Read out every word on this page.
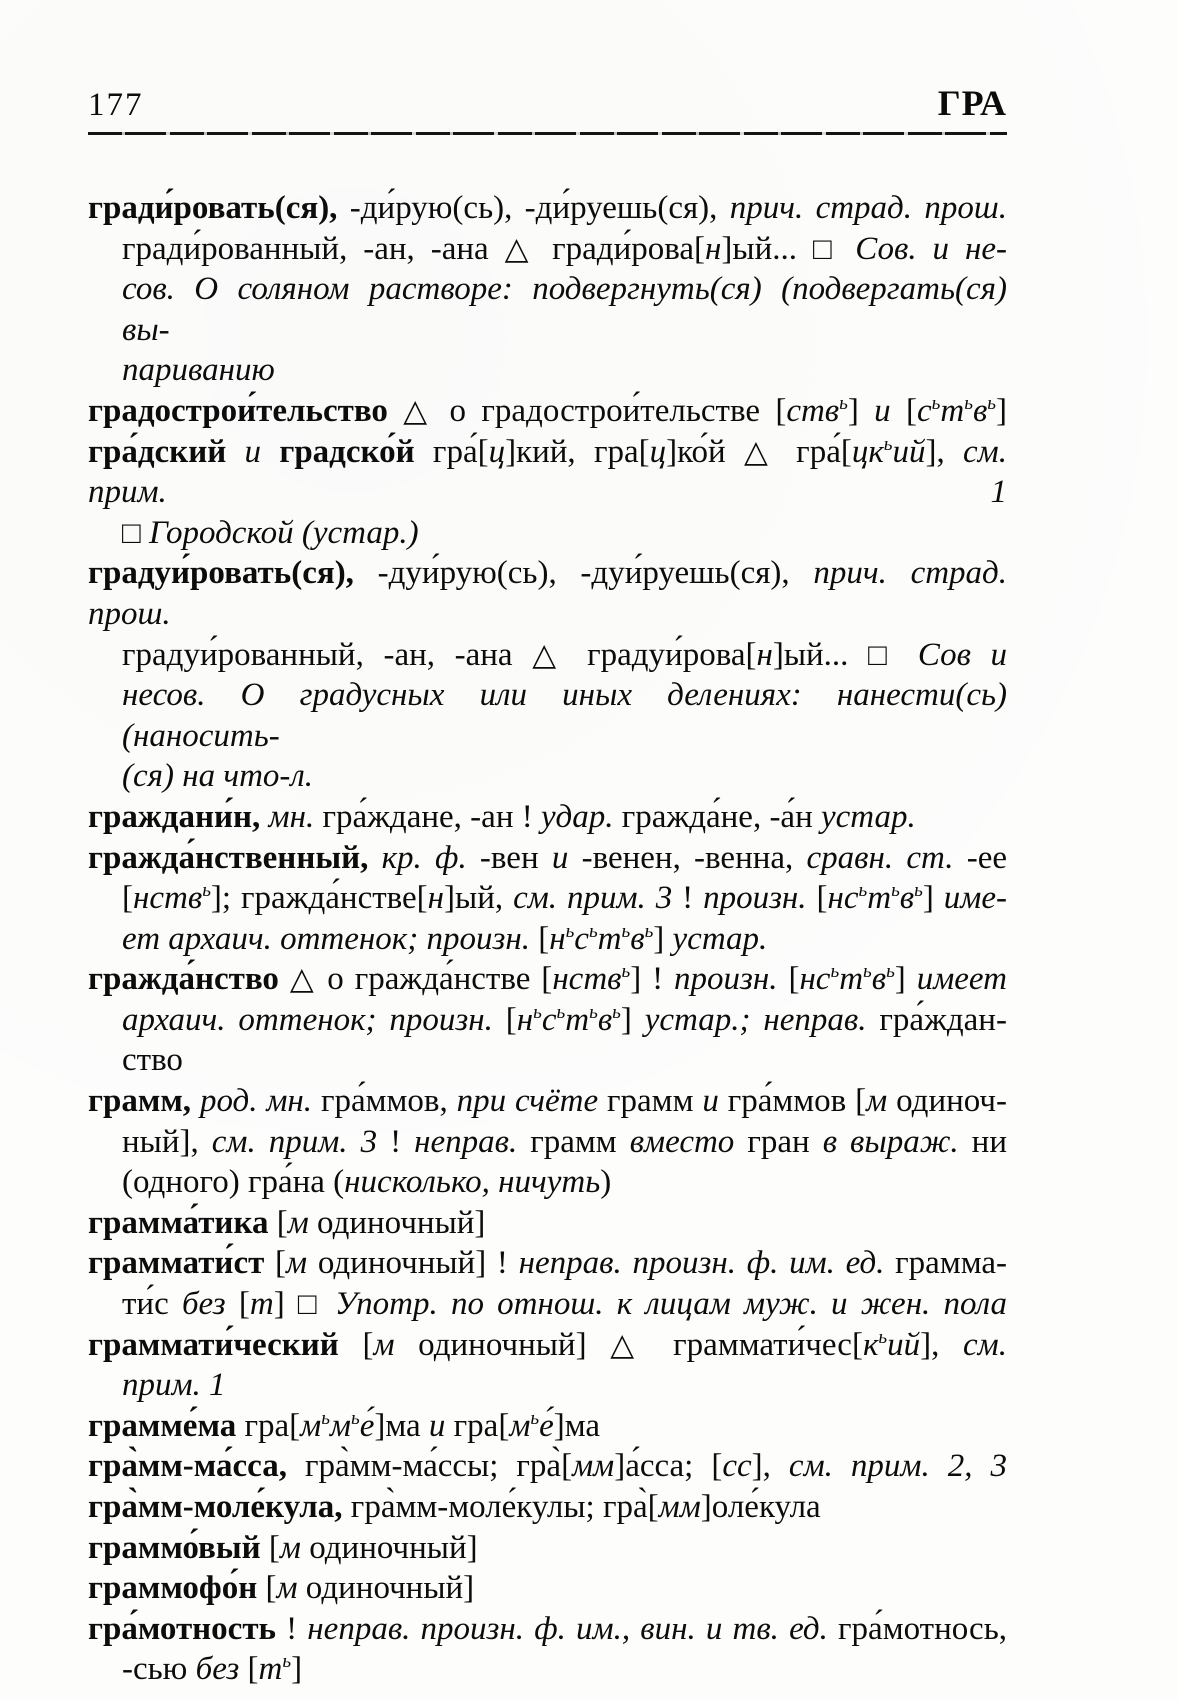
177	ГРА
гради́ровать(ся), -ди́рую(сь), -ди́руешь(ся), прич. страд. прош.
гради́рованный, -ан, -ана △ гради́рова[н]ый... □ Сов. и не-
сов. О соляном растворе: подвергнуть(ся) (подвергать(ся) вы-
париванию
градострои́тельство △ о градострои́тельстве [ств$^ь$] и $[с^ьт^ьв^ь]$
гра́дский и градско́й гра́[ц]кий, гра[ц]ко́й △ $гра́[цк^ьий]$, см. прим. 1
□ Городской (устар.)
градуи́ровать(ся), -дуи́рую(сь), -дуи́руешь(ся), прич. страд. прош.
градуи́рованный, -ан, -ана △ градуи́рова[н]ый... □ Сов и
несов. О градусных или иных делениях: нанести(сь) (наносить-
(ся) на что-л.
граждани́н, мн. гра́ждане, -ан ! удар. гражда́не, -а́н устар.
гражда́нственный, кр. ф. -вен и -венен, -венна, сравн. ст. -ее
[нств$^ь$]; гражда́нстве[н]ый, см. прим. 3 ! произн. $[нс^ьт^ьв^ь]$ име-
ет архаич. оттенок; произн. $[н^ьс^ьт^ьв^ь]$ устар.
гражда́нство △ о гражда́нстве [нств$^ь$] ! произн. $[нс^ьт^ьв^ь]$ имеет
архаич. оттенок; произн. $[н^ьс^ьт^ьв^ь]$ устар.; неправ. гра́ждан-
ство
грамм, род. мн. гра́ммов, при счёте грамм и гра́ммов [м одиноч-
ный], см. прим. 3 ! неправ. грамм вместо гран в выраж. ни
(одного) гра́на (нисколько, ничуть)
грамма́тика [м одиночный]
граммати́ст [м одиночный] ! неправ. произн. ф. им. ед. грамма-
ти́с без [т] □ Употр. по отнош. к лицам муж. и жен. пола
граммати́ческий [м одиночный] △ $граммати́чес[к^ьий]$, см.
прим. 1
грамме́ма $гра[м^ьм^ье́]ма$ и $гра[м^ье́]ма$
гра̀мм-ма́сса, гра̀мм-ма́ссы; гра̀[мм]а́сса; [сс], см. прим. 2, 3
гра̀мм-моле́кула, гра̀мм-моле́кулы; гра̀[мм]оле́кула
граммо́вый [м одиночный]
граммофо́н [м одиночный]
гра́мотность ! неправ. произн. ф. им., вин. и тв. ед. гра́мотнось,
-сью без $[т^ь]$
